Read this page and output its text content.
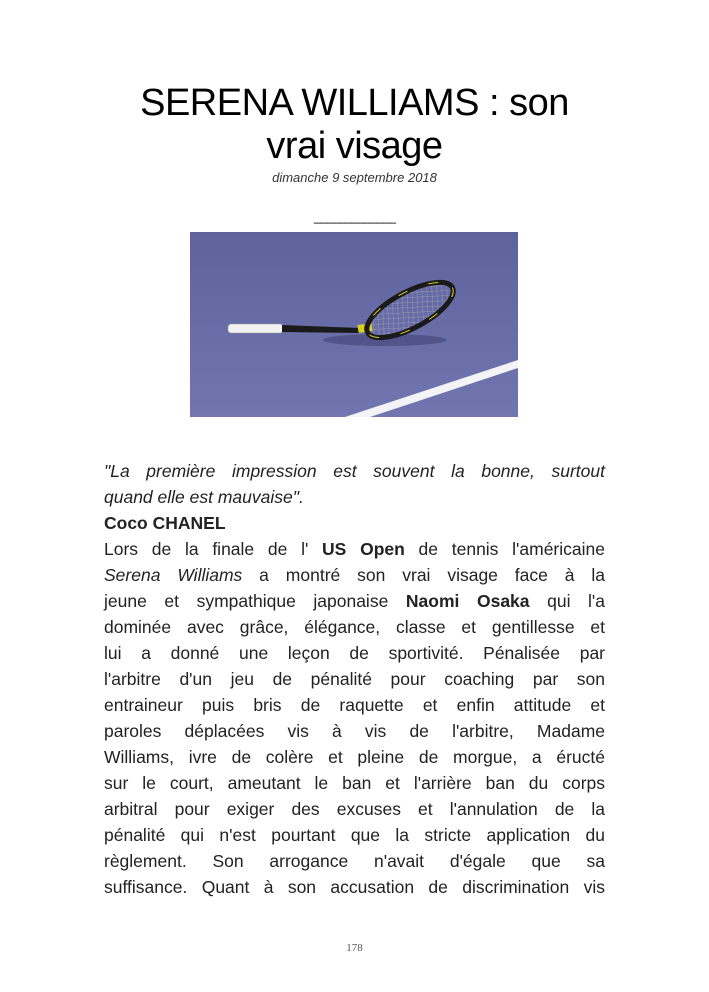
SERENA WILLIAMS : son
vrai visage
dimanche 9 septembre 2018
_____________
"La première impression est souvent la bonne, surtout
quand elle est mauvaise".
Coco CHANEL
Lors de la finale de l' US Open de tennis l'américaine
Serena Williams a montré son vrai visage face à la
jeune et sympathique japonaise Naomi Osaka qui l'a
dominée avec grâce, élégance, classe et gentillesse et
lui a donné une leçon de sportivité. Pénalisée par
l'arbitre d'un jeu de pénalité pour coaching par son
entraineur puis bris de raquette et enfin attitude et
paroles déplacées vis à vis de l'arbitre, Madame
Williams, ivre de colère et pleine de morgue, a éructé
sur le court, ameutant le ban et l'arrière ban du corps
arbitral pour exiger des excuses et l'annulation de la
pénalité qui n'est pourtant que la stricte application du
règlement. Son arrogance n'avait d'égale que sa
suffisance. Quant à son accusation de discrimination vis
178
